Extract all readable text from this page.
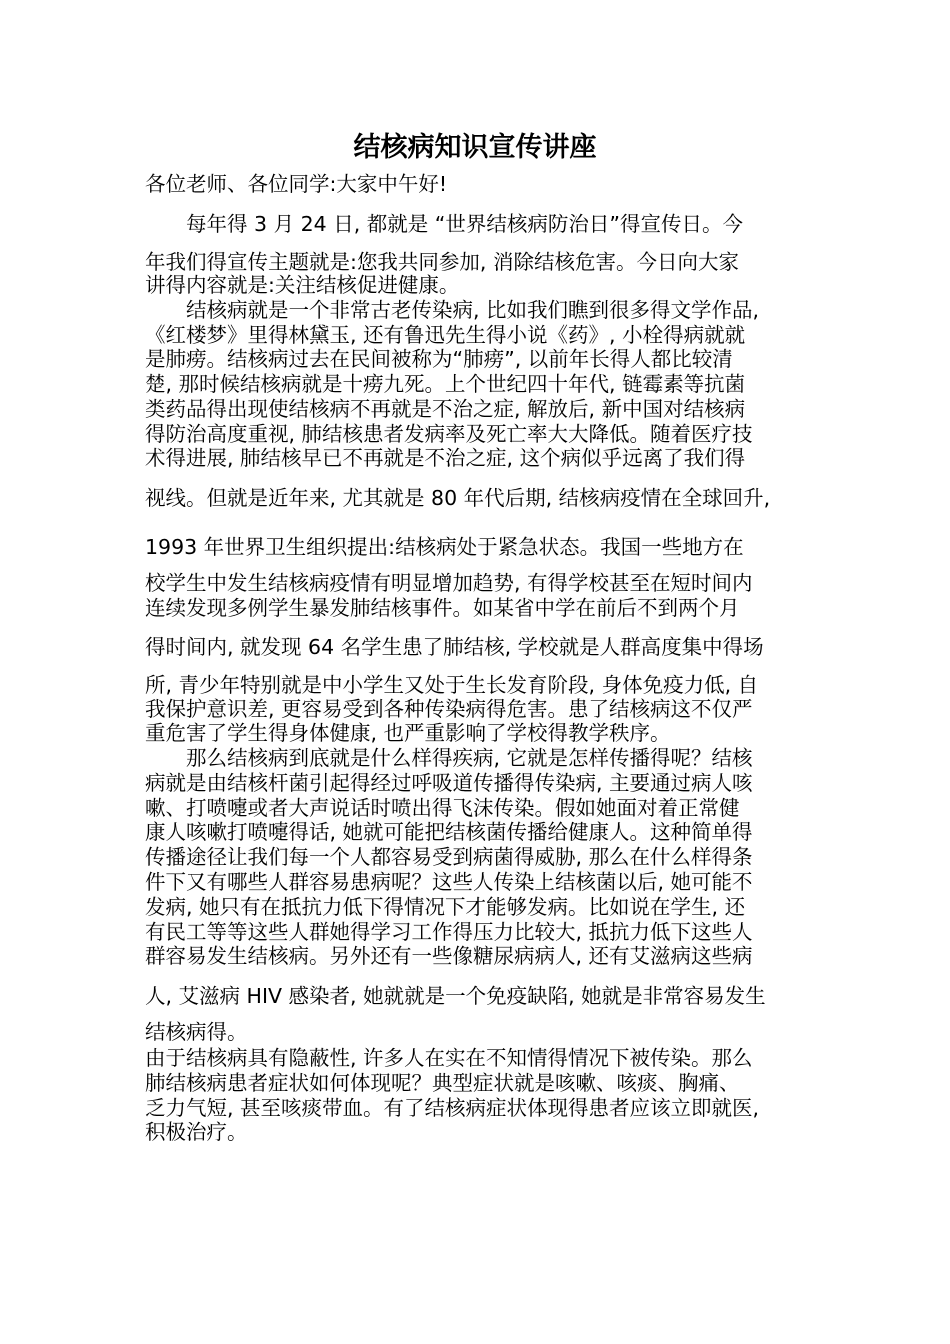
结核病知识宣传讲座
各位老师、各位同学:大家中午好!
　　每年得 3 月 24 日, 都就是 “世界结核病防治日”得宣传日。今
年我们得宣传主题就是:您我共同参加, 消除结核危害。今日向大家
讲得内容就是:关注结核促进健康。
　　结核病就是一个非常古老传染病, 比如我们瞧到很多得文学作品,
《红楼梦》里得林黛玉, 还有鲁迅先生得小说《药》, 小栓得病就就
是肺痨。结核病过去在民间被称为“肺痨”, 以前年长得人都比较清
楚, 那时候结核病就是十痨九死。上个世纪四十年代, 链霉素等抗菌
类药品得出现使结核病不再就是不治之症, 解放后, 新中国对结核病
得防治高度重视, 肺结核患者发病率及死亡率大大降低。随着医疗技
术得进展, 肺结核早已不再就是不治之症, 这个病似乎远离了我们得
视线。但就是近年来, 尤其就是 80 年代后期, 结核病疫情在全球回升,
1993 年世界卫生组织提出:结核病处于紧急状态。我国一些地方在
校学生中发生结核病疫情有明显增加趋势, 有得学校甚至在短时间内
连续发现多例学生暴发肺结核事件。如某省中学在前后不到两个月
得时间内, 就发现 64 名学生患了肺结核, 学校就是人群高度集中得场
所, 青少年特别就是中小学生又处于生长发育阶段, 身体免疫力低, 自
我保护意识差, 更容易受到各种传染病得危害。患了结核病这不仅严
重危害了学生得身体健康, 也严重影响了学校得教学秩序。
　　那么结核病到底就是什么样得疾病, 它就是怎样传播得呢？结核
病就是由结核杆菌引起得经过呼吸道传播得传染病, 主要通过病人咳
嗽、打喷嚏或者大声说话时喷出得飞沫传染。假如她面对着正常健
康人咳嗽打喷嚏得话, 她就可能把结核菌传播给健康人。这种简单得
传播途径让我们每一个人都容易受到病菌得威胁, 那么在什么样得条
件下又有哪些人群容易患病呢？这些人传染上结核菌以后, 她可能不
发病, 她只有在抵抗力低下得情况下才能够发病。比如说在学生, 还
有民工等等这些人群她得学习工作得压力比较大, 抵抗力低下这些人
群容易发生结核病。另外还有一些像糖尿病病人, 还有艾滋病这些病
人, 艾滋病 HIV 感染者, 她就就是一个免疫缺陷, 她就是非常容易发生
结核病得。
由于结核病具有隐蔽性, 许多人在实在不知情得情况下被传染。那么
肺结核病患者症状如何体现呢？典型症状就是咳嗽、咳痰、胸痛、
乏力气短, 甚至咳痰带血。有了结核病症状体现得患者应该立即就医,
积极治疗。
